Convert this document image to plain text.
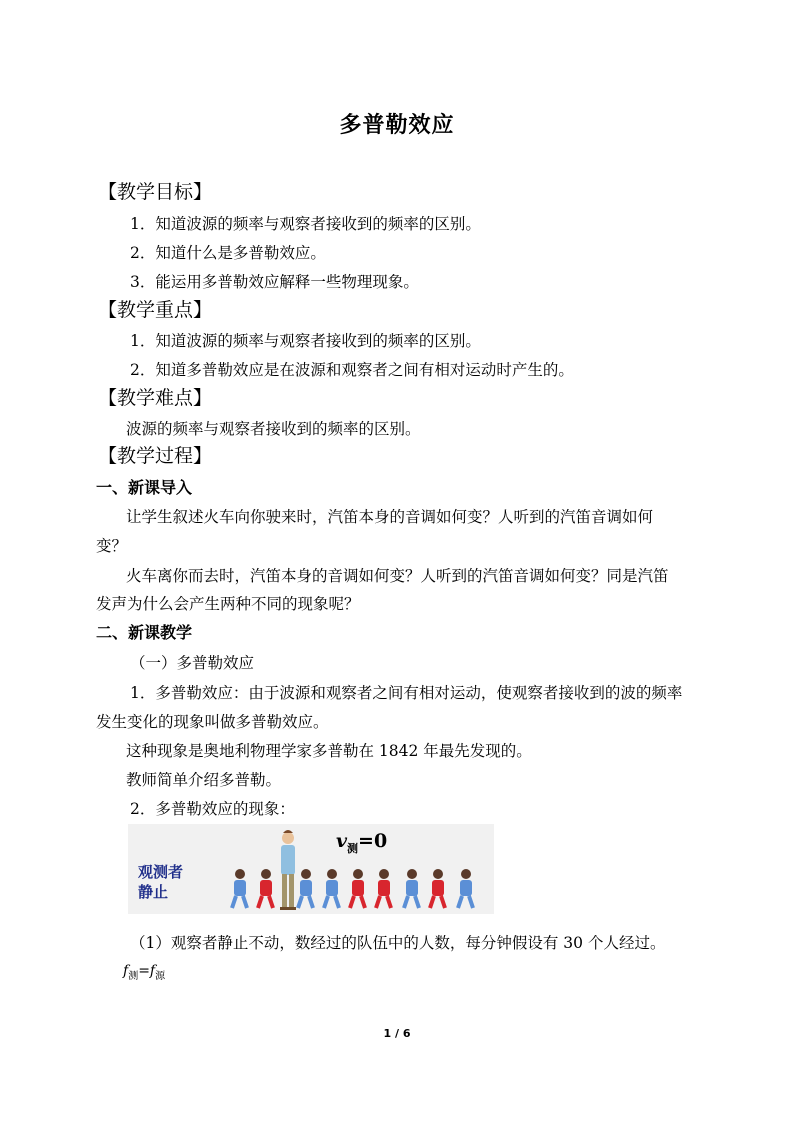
多普勒效应
【教学目标】
1．知道波源的频率与观察者接收到的频率的区别。
2．知道什么是多普勒效应。
3．能运用多普勒效应解释一些物理现象。
【教学重点】
1．知道波源的频率与观察者接收到的频率的区别。
2．知道多普勒效应是在波源和观察者之间有相对运动时产生的。
【教学难点】
波源的频率与观察者接收到的频率的区别。
【教学过程】
一、新课导入
让学生叙述火车向你驶来时，汽笛本身的音调如何变？人听到的汽笛音调如何
变？
火车离你而去时，汽笛本身的音调如何变？人听到的汽笛音调如何变？同是汽笛
发声为什么会产生两种不同的现象呢？
二、新课教学
（一）多普勒效应
1．多普勒效应：由于波源和观察者之间有相对运动，使观察者接收到的波的频率
发生变化的现象叫做多普勒效应。
这种现象是奥地利物理学家多普勒在 1842 年最先发现的。
教师简单介绍多普勒。
2．多普勒效应的现象：
观测者
静止
$v_测=0$
（1）观察者静止不动，数经过的队伍中的人数，每分钟假设有 30 个人经过。
$f_测=f_源$
1 / 6
